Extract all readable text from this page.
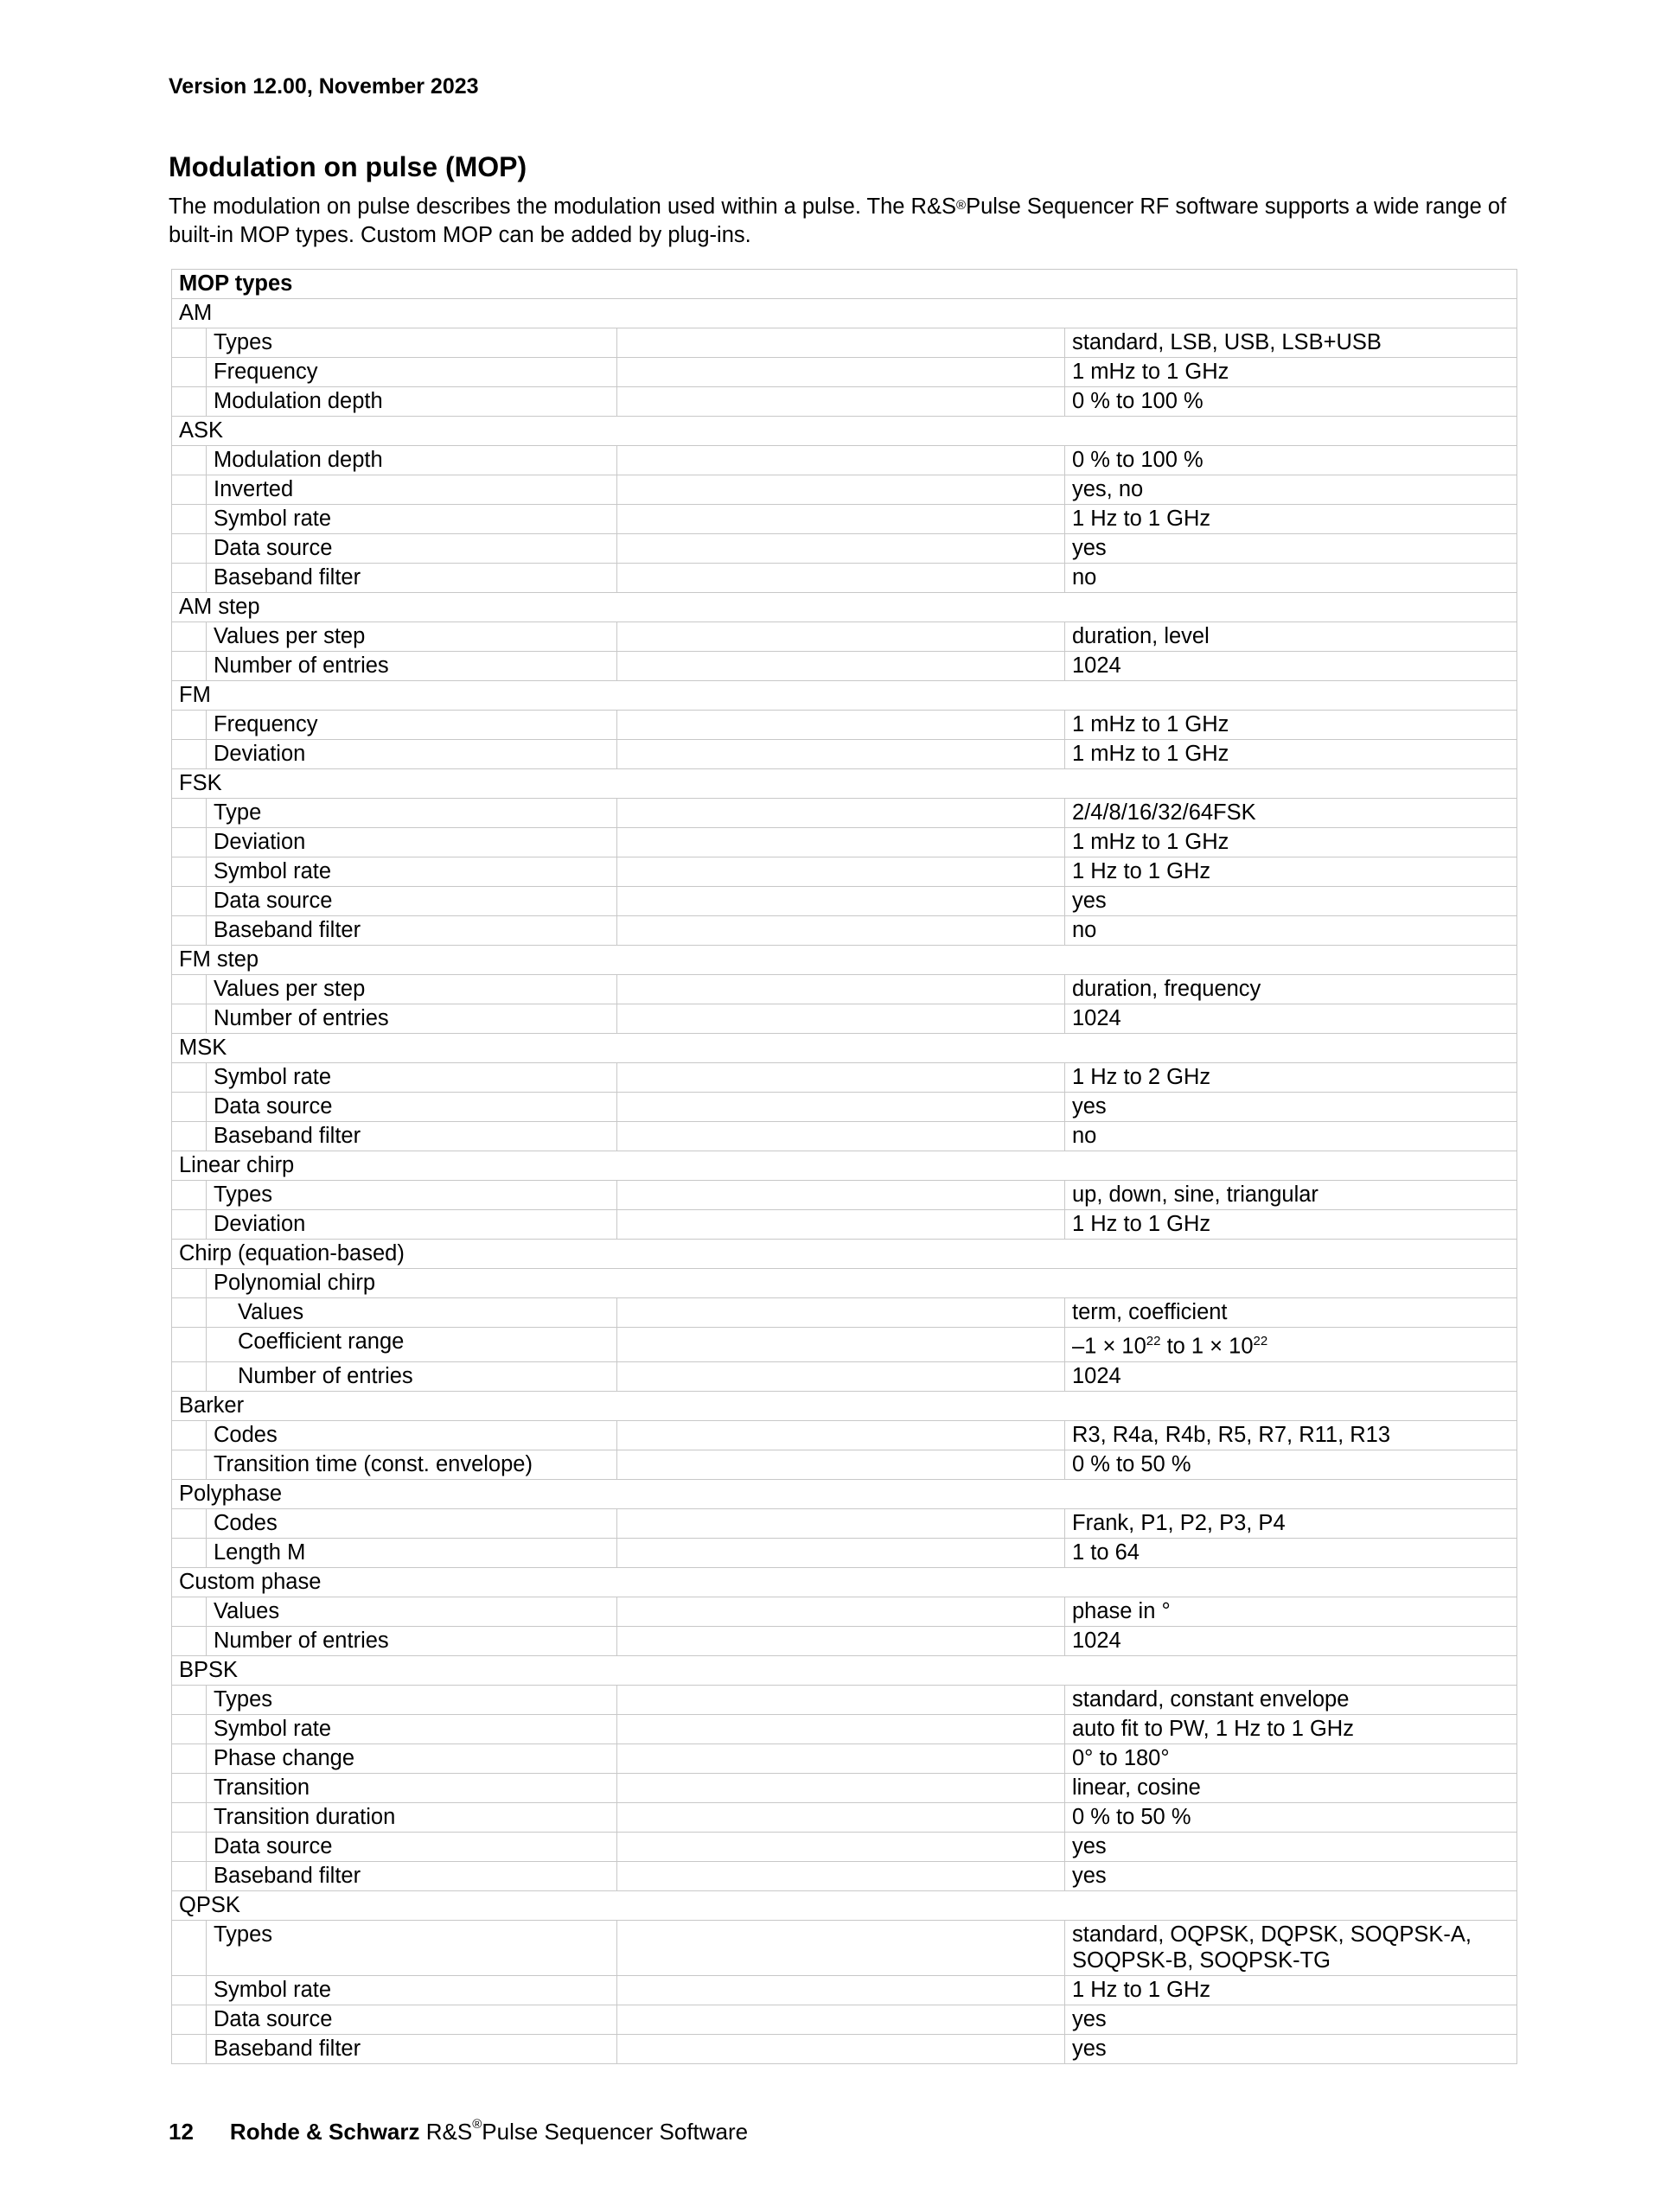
Version 12.00, November 2023
Modulation on pulse (MOP)
The modulation on pulse describes the modulation used within a pulse. The R&S®Pulse Sequencer RF software supports a wide range of built-in MOP types. Custom MOP can be added by plug-ins.
MOP types			
AM			
	Types		standard, LSB, USB, LSB+USB
	Frequency		1 mHz to 1 GHz
	Modulation depth		0 % to 100 %
ASK			
	Modulation depth		0 % to 100 %
	Inverted		yes, no
	Symbol rate		1 Hz to 1 GHz
	Data source		yes
	Baseband filter		no
AM step			
	Values per step		duration, level
	Number of entries		1024
FM			
	Frequency		1 mHz to 1 GHz
	Deviation		1 mHz to 1 GHz
FSK			
	Type		2/4/8/16/32/64FSK
	Deviation		1 mHz to 1 GHz
	Symbol rate		1 Hz to 1 GHz
	Data source		yes
	Baseband filter		no
FM step			
	Values per step		duration, frequency
	Number of entries		1024
MSK			
	Symbol rate		1 Hz to 2 GHz
	Data source		yes
	Baseband filter		no
Linear chirp			
	Types		up, down, sine, triangular
	Deviation		1 Hz to 1 GHz
Chirp (equation-based)			
	Polynomial chirp		
	Values		term, coefficient
	Coefficient range		$-1 \times 10^{22}$ to $1 \times 10^{22}$
	Number of entries		1024
Barker			
	Codes		R3, R4a, R4b, R5, R7, R11, R13
	Transition time (const. envelope)		0 % to 50 %
Polyphase			
	Codes		Frank, P1, P2, P3, P4
	Length M		1 to 64
Custom phase			
	Values		phase in °
	Number of entries		1024
BPSK			
	Types		standard, constant envelope
	Symbol rate		auto fit to PW, 1 Hz to 1 GHz
	Phase change		0° to 180°
	Transition		linear, cosine
	Transition duration		0 % to 50 %
	Data source		yes
	Baseband filter		yes
QPSK			
	Types		standard, OQPSK, DQPSK, SOQPSK-A, SOQPSK-B, SOQPSK-TG
	Symbol rate		1 Hz to 1 GHz
	Data source		yes
	Baseband filter		yes
12 Rohde & Schwarz R&S®Pulse Sequencer Software
